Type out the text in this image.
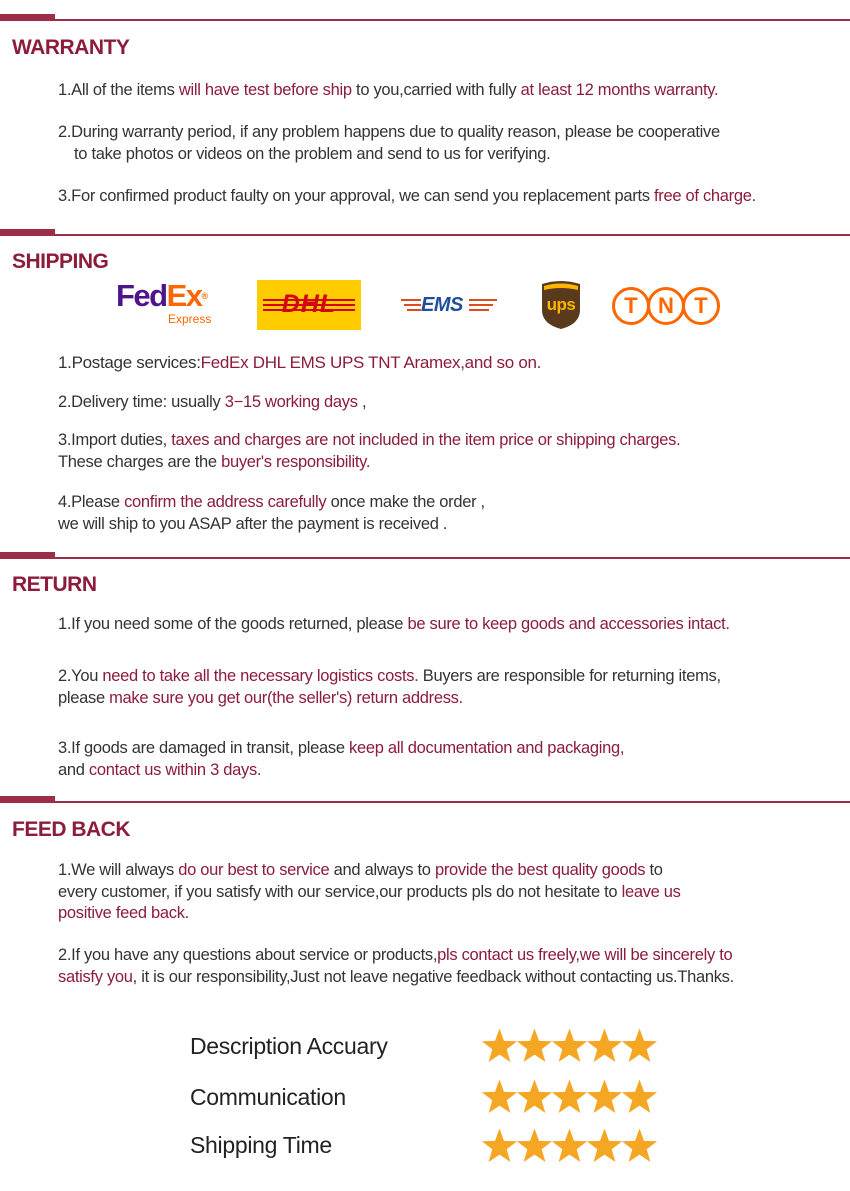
WARRANTY

1.All of the items will have test before ship to you,carried with fully at least 12 months warranty.

2.During warranty period, if any problem happens due to quality reason, please be cooperative
to take photos or videos on the problem and send to us for verifying.

3.For confirmed product faulty on your approval, we can send you replacement parts free of charge.

SHIPPING
FedEx®
Express
DHL	EMS	ups	T N T

1.Postage services:FedEx DHL EMS UPS TNT Aramex,and so on.

2.Delivery time: usually 3−15 working days ,

3.Import duties, taxes and charges are not included in the item price or shipping charges.
These charges are the buyer's responsibility.

4.Please confirm the address carefully once make the order ,
we will ship to you ASAP after the payment is received .

RETURN

1.If you need some of the goods returned, please be sure to keep goods and accessories intact.

2.You need to take all the necessary logistics costs. Buyers are responsible for returning items,
please make sure you get our(the seller's) return address.

3.If goods are damaged in transit, please keep all documentation and packaging,
and contact us within 3 days.

FEED BACK

1.We will always do our best to service and always to provide the best quality goods to
every customer, if you satisfy with our service,our products pls do not hesitate to leave us
positive feed back.

2.If you have any questions about service or products,pls contact us freely,we will be sincerely to
satisfy you, it is our responsibility,Just not leave negative feedback without contacting us.Thanks.

Description Accuary
Communication
Shipping Time
